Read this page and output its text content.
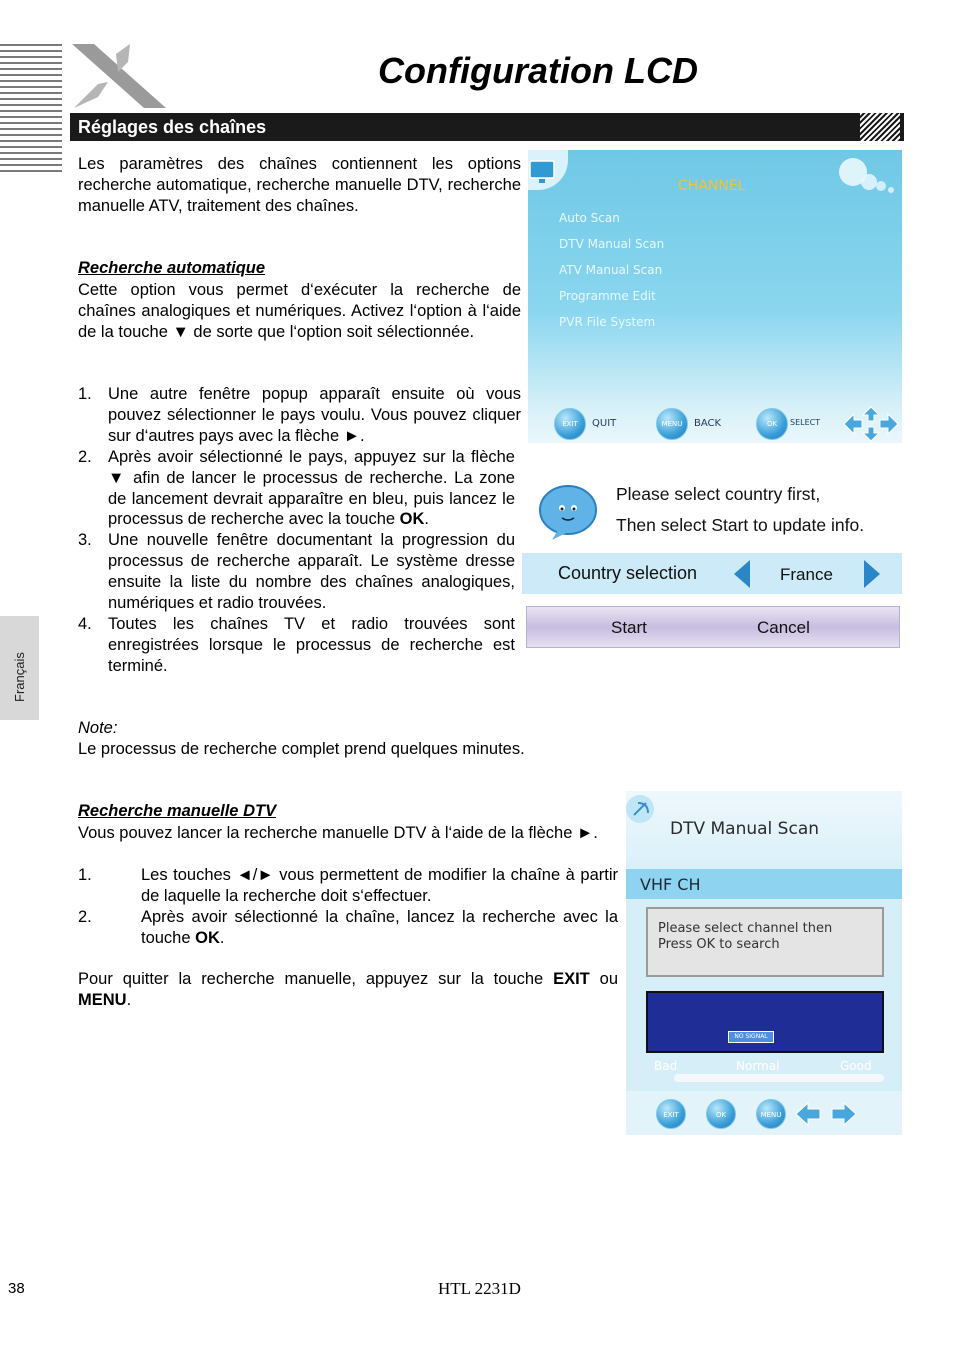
Configuration LCD
Réglages des chaînes
Français
Les paramètres des chaînes contiennent les options recherche automatique, recherche manuelle DTV, recherche manuelle ATV, traitement des chaînes.
Recherche automatique
Cette option vous permet d‘exécuter la recherche de chaînes analogiques et numériques. Activez l‘option à l‘aide de la touche ▼ de sorte que l‘option soit sélectionnée.
1. Une autre fenêtre popup apparaît ensuite où vous pouvez sélectionner le pays voulu. Vous pouvez cliquer sur d‘autres pays avec la flèche ►.
2. Après avoir sélectionné le pays, appuyez sur la flèche ▼ afin de lancer le processus de recherche. La zone de lancement devrait apparaître en bleu, puis lancez le processus de recherche avec la touche OK.
3. Une nouvelle fenêtre documentant la progression du processus de recherche apparaît. Le système dresse ensuite la liste du nombre des chaînes analogiques, numériques et radio trouvées.
4. Toutes les chaînes TV et radio trouvées sont enregistrées lorsque le processus de recherche est terminé.
Note:
Le processus de recherche complet prend quelques minutes.
Recherche manuelle DTV
Vous pouvez lancer la recherche manuelle DTV à l‘aide de la flèche ►.
1.	Les touches ◄/► vous permettent de modifier la chaîne à partir de laquelle la recherche doit s‘effectuer.
2.	Après avoir sélectionné la chaîne, lancez la recherche avec la touche OK.
Pour quitter la recherche manuelle, appuyez sur la touche EXIT ou MENU.
CHANNEL
Auto Scan
DTV Manual Scan
ATV Manual Scan
Programme Edit
PVR File System
EXIT	QUIT	MENU	BACK	OK	SELECT
Please select country first,
Then select Start to update info.
Country selection	France
Start	Cancel
DTV Manual Scan
VHF CH
Please select channel then
Press OK to search
NO SIGNAL
Bad	Normal	Good
EXIT	OK	MENU
38	HTL 2231D
